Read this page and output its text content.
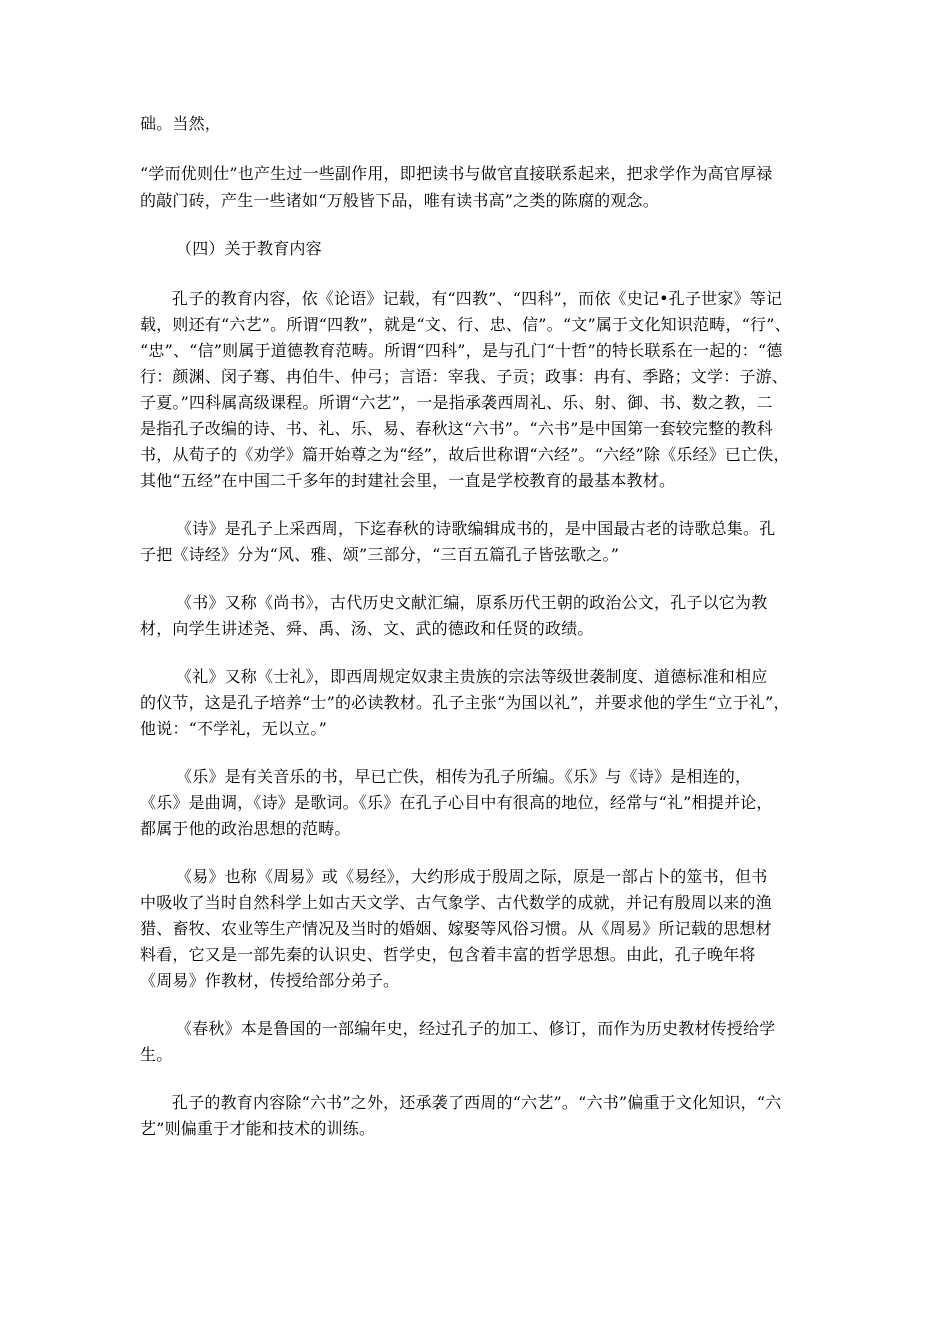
础。当然，
“学而优则仕”也产生过一些副作用，即把读书与做官直接联系起来，把求学作为高官厚禄
的敲门砖，产生一些诸如“万般皆下品，唯有读书高”之类的陈腐的观念。
（四）关于教育内容
孔子的教育内容，依《论语》记载，有“四教”、“四科”，而依《史记•孔子世家》等记
载，则还有“六艺”。所谓“四教”，就是“文、行、忠、信”。“文”属于文化知识范畴，“行”、
“忠”、“信”则属于道德教育范畴。所谓“四科”，是与孔门“十哲”的特长联系在一起的：“德
行：颜渊、闵子骞、冉伯牛、仲弓；言语：宰我、子贡；政事：冉有、季路；文学：子游、
子夏。”四科属高级课程。所谓“六艺”，一是指承袭西周礼、乐、射、御、书、数之教，二
是指孔子改编的诗、书、礼、乐、易、春秋这“六书”。“六书”是中国第一套较完整的教科
书，从荀子的《劝学》篇开始尊之为“经”，故后世称谓“六经”。“六经”除《乐经》已亡佚，
其他“五经”在中国二千多年的封建社会里，一直是学校教育的最基本教材。
《诗》是孔子上采西周，下迄春秋的诗歌编辑成书的，是中国最古老的诗歌总集。孔
子把《诗经》分为“风、雅、颂”三部分，“三百五篇孔子皆弦歌之。”
《书》又称《尚书》，古代历史文献汇编，原系历代王朝的政治公文，孔子以它为教
材，向学生讲述尧、舜、禹、汤、文、武的德政和任贤的政绩。
《礼》又称《士礼》，即西周规定奴隶主贵族的宗法等级世袭制度、道德标准和相应
的仪节，这是孔子培养“士”的必读教材。孔子主张“为国以礼”，并要求他的学生“立于礼”，
他说：“不学礼，无以立。”
《乐》是有关音乐的书，早已亡佚，相传为孔子所编。《乐》与《诗》是相连的，
《乐》是曲调，《诗》是歌词。《乐》在孔子心目中有很高的地位，经常与“礼”相提并论，
都属于他的政治思想的范畴。
《易》也称《周易》或《易经》，大约形成于殷周之际，原是一部占卜的筮书，但书
中吸收了当时自然科学上如古天文学、古气象学、古代数学的成就，并记有殷周以来的渔
猎、畜牧、农业等生产情况及当时的婚姻、嫁娶等风俗习惯。从《周易》所记载的思想材
料看，它又是一部先秦的认识史、哲学史，包含着丰富的哲学思想。由此，孔子晚年将
《周易》作教材，传授给部分弟子。
《春秋》本是鲁国的一部编年史，经过孔子的加工、修订，而作为历史教材传授给学
生。
孔子的教育内容除“六书”之外，还承袭了西周的“六艺”。“六书”偏重于文化知识，“六
艺”则偏重于才能和技术的训练。
